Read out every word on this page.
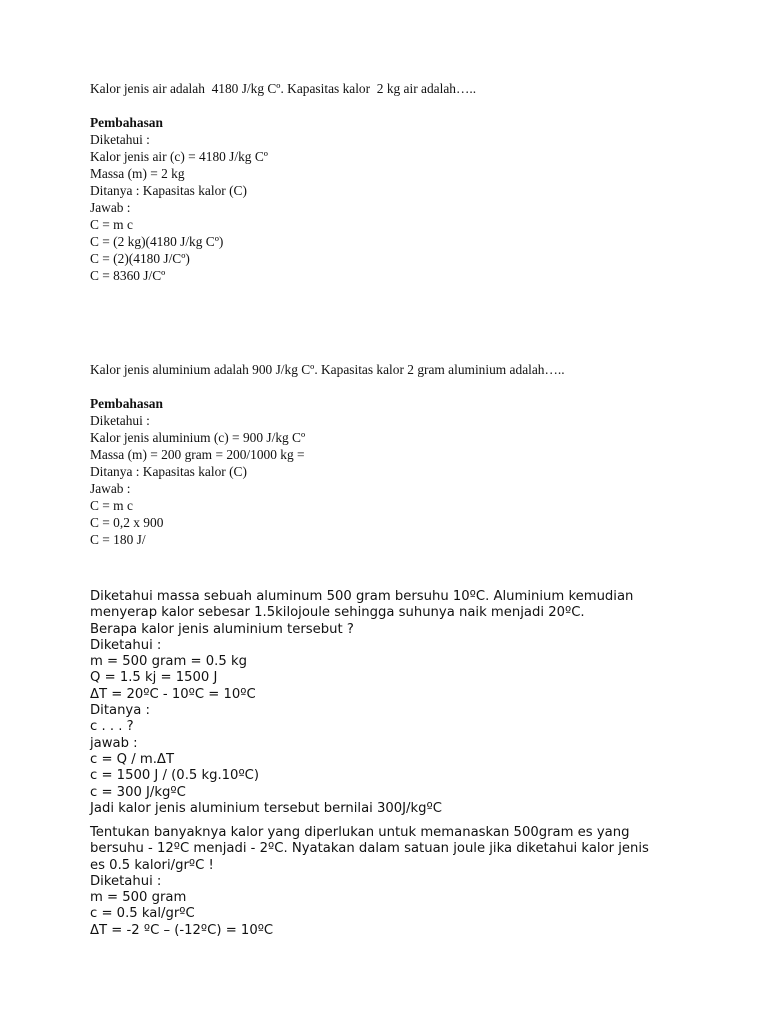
Kalor jenis air adalah  4180 J/kg Cº. Kapasitas kalor  2 kg air adalah…..
Pembahasan
Diketahui :
Kalor jenis air (c) = 4180 J/kg Cº
Massa (m) = 2 kg
Ditanya : Kapasitas kalor (C)
Jawab :
C = m c
C = (2 kg)(4180 J/kg Cº)
C = (2)(4180 J/Cº)
C = 8360 J/Cº
Kalor jenis aluminium adalah 900 J/kg Cº. Kapasitas kalor 2 gram aluminium adalah…..
Pembahasan
Diketahui :
Kalor jenis aluminium (c) = 900 J/kg Cº
Massa (m) = 200 gram = 200/1000 kg =
Ditanya : Kapasitas kalor (C)
Jawab :
C = m c
C = 0,2 x 900
C = 180 J/
Diketahui massa sebuah aluminum 500 gram bersuhu 10ºC. Aluminium kemudian
menyerap kalor sebesar 1.5kilojoule sehingga suhunya naik menjadi 20ºC.
Berapa kalor jenis aluminium tersebut ?
Diketahui :
m = 500 gram = 0.5 kg
Q = 1.5 kj = 1500 J
ΔT = 20ºC - 10ºC = 10ºC
Ditanya :
c . . . ?
jawab :
c = Q / m.ΔT
c = 1500 J / (0.5 kg.10ºC)
c = 300 J/kgºC
Jadi kalor jenis aluminium tersebut bernilai 300J/kgºC
Tentukan banyaknya kalor yang diperlukan untuk memanaskan 500gram es yang
bersuhu - 12ºC menjadi - 2ºC. Nyatakan dalam satuan joule jika diketahui kalor jenis
es 0.5 kalori/grºC !
Diketahui :
m = 500 gram
c = 0.5 kal/grºC
ΔT = -2 ºC – (-12ºC) = 10ºC
